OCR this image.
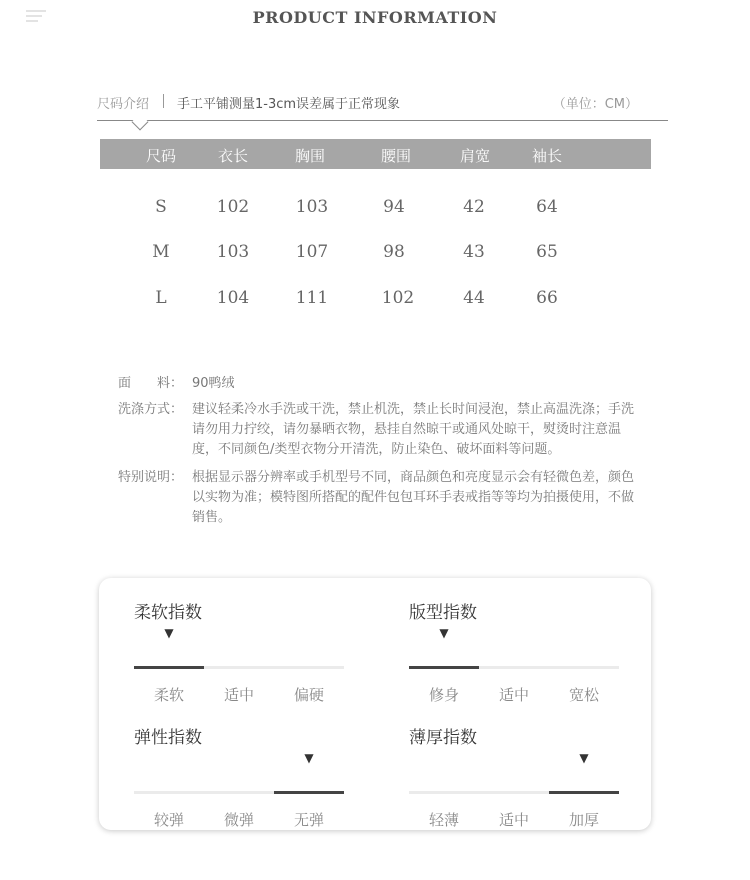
PRODUCT INFORMATION
尺码介绍 手工平铺测量1-3cm误差属于正常现象	（单位：CM）
尺码	衣长	胸围	腰围	肩宽	袖长
S	102	103	94	42	64
M	103	107	98	43	65
L	104	111	102	44	66
面　　料： 90鸭绒
洗涤方式： 建议轻柔冷水手洗或干洗，禁止机洗，禁止长时间浸泡，禁止高温洗涤；手洗请勿用力拧绞，请勿暴晒衣物，悬挂自然晾干或通风处晾干，熨烫时注意温度，不同颜色/类型衣物分开清洗，防止染色、破坏面料等问题。
特别说明： 根据显示器分辨率或手机型号不同，商品颜色和亮度显示会有轻微色差，颜色以实物为准；模特图所搭配的配件包包耳环手表戒指等等均为拍摄使用，不做销售。
柔软指数
▼
柔软	适中	偏硬
版型指数
▼
修身	适中	宽松
弹性指数
▼
较弹	微弹	无弹
薄厚指数
▼
轻薄	适中	加厚
